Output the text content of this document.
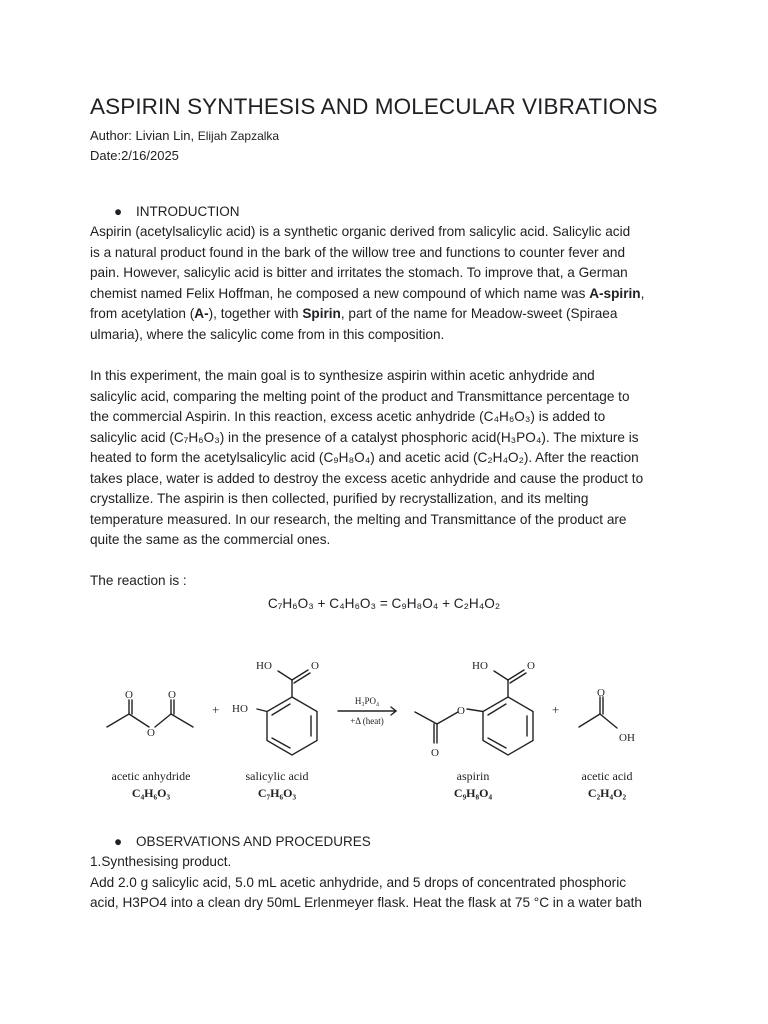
ASPIRIN SYNTHESIS AND MOLECULAR VIBRATIONS
Author: Livian Lin, Elijah Zapzalka
Date:2/16/2025
● INTRODUCTION
Aspirin (acetylsalicylic acid) is a synthetic organic derived from salicylic acid. Salicylic acid
is a natural product found in the bark of the willow tree and functions to counter fever and
pain. However, salicylic acid is bitter and irritates the stomach. To improve that, a German
chemist named Felix Hoffman, he composed a new compound of which name was A-spirin,
from acetylation (A-), together with Spirin, part of the name for Meadow-sweet (Spiraea
ulmaria), where the salicylic come from in this composition.
In this experiment, the main goal is to synthesize aspirin within acetic anhydride and
salicylic acid, comparing the melting point of the product and Transmittance percentage to
the commercial Aspirin. In this reaction, excess acetic anhydride (C₄H₆O₃) is added to
salicylic acid (C₇H₆O₃) in the presence of a catalyst phosphoric acid(H₃PO₄). The mixture is
heated to form the acetylsalicylic acid (C₉H₈O₄) and acetic acid (C₂H₄O₂). After the reaction
takes place, water is added to destroy the excess acetic anhydride and cause the product to
crystallize. The aspirin is then collected, purified by recrystallization, and its melting
temperature measured. In our research, the melting and Transmittance of the product are
quite the same as the commercial ones.
The reaction is :
C₇H₆O₃ + C₄H₆O₃ = C₉H₈O₄ + C₂H₄O₂
O	O
O
+
HO	O
HO
H₃PO₄
+Δ (heat)
HO	O
O
O
+
O
OH
acetic anhydride
C₄H₆O₃
salicylic acid
C₇H₆O₃
aspirin
C₉H₈O₄
acetic acid
C₂H₄O₂
● OBSERVATIONS AND PROCEDURES
1.Synthesising product.
Add 2.0 g salicylic acid, 5.0 mL acetic anhydride, and 5 drops of concentrated phosphoric
acid, H3PO4 into a clean dry 50mL Erlenmeyer flask. Heat the flask at 75 °C in a water bath
